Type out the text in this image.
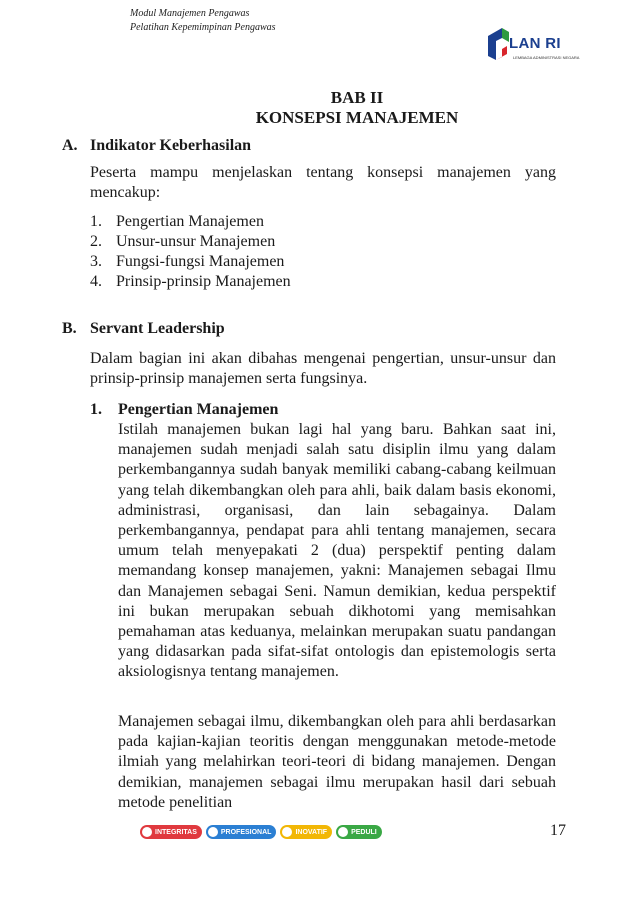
Modul Manajemen Pengawas
Pelatihan Kepemimpinan Pengawas
LAN RI
LEMBAGA ADMINISTRASI NEGARA
BAB II
KONSEPSI MANAJEMEN
A. Indikator Keberhasilan
Peserta mampu menjelaskan tentang konsepsi manajemen yang mencakup:
1. Pengertian Manajemen
2. Unsur-unsur Manajemen
3. Fungsi-fungsi Manajemen
4. Prinsip-prinsip Manajemen
B. Servant Leadership
Dalam bagian ini akan dibahas mengenai pengertian, unsur-unsur dan prinsip-prinsip manajemen serta fungsinya.
1. Pengertian Manajemen
Istilah manajemen bukan lagi hal yang baru. Bahkan saat ini, manajemen sudah menjadi salah satu disiplin ilmu yang dalam perkembangannya sudah banyak memiliki cabang-cabang keilmuan yang telah dikembangkan oleh para ahli, baik dalam basis ekonomi, administrasi, organisasi, dan lain sebagainya. Dalam perkembangannya, pendapat para ahli tentang manajemen, secara umum telah menyepakati 2 (dua) perspektif penting dalam memandang konsep manajemen, yakni: Manajemen sebagai Ilmu dan Manajemen sebagai Seni. Namun demikian, kedua perspektif ini bukan merupakan sebuah dikhotomi yang memisahkan pemahaman atas keduanya, melainkan merupakan suatu pandangan yang didasarkan pada sifat-sifat ontologis dan epistemologis serta aksiologisnya tentang manajemen.
Manajemen sebagai ilmu, dikembangkan oleh para ahli berdasarkan pada kajian-kajian teoritis dengan menggunakan metode-metode ilmiah yang melahirkan teori-teori di bidang manajemen. Dengan demikian, manajemen sebagai ilmu merupakan hasil dari sebuah metode penelitian
INTEGRITAS	PROFESIONAL	INOVATIF	PEDULI	17
